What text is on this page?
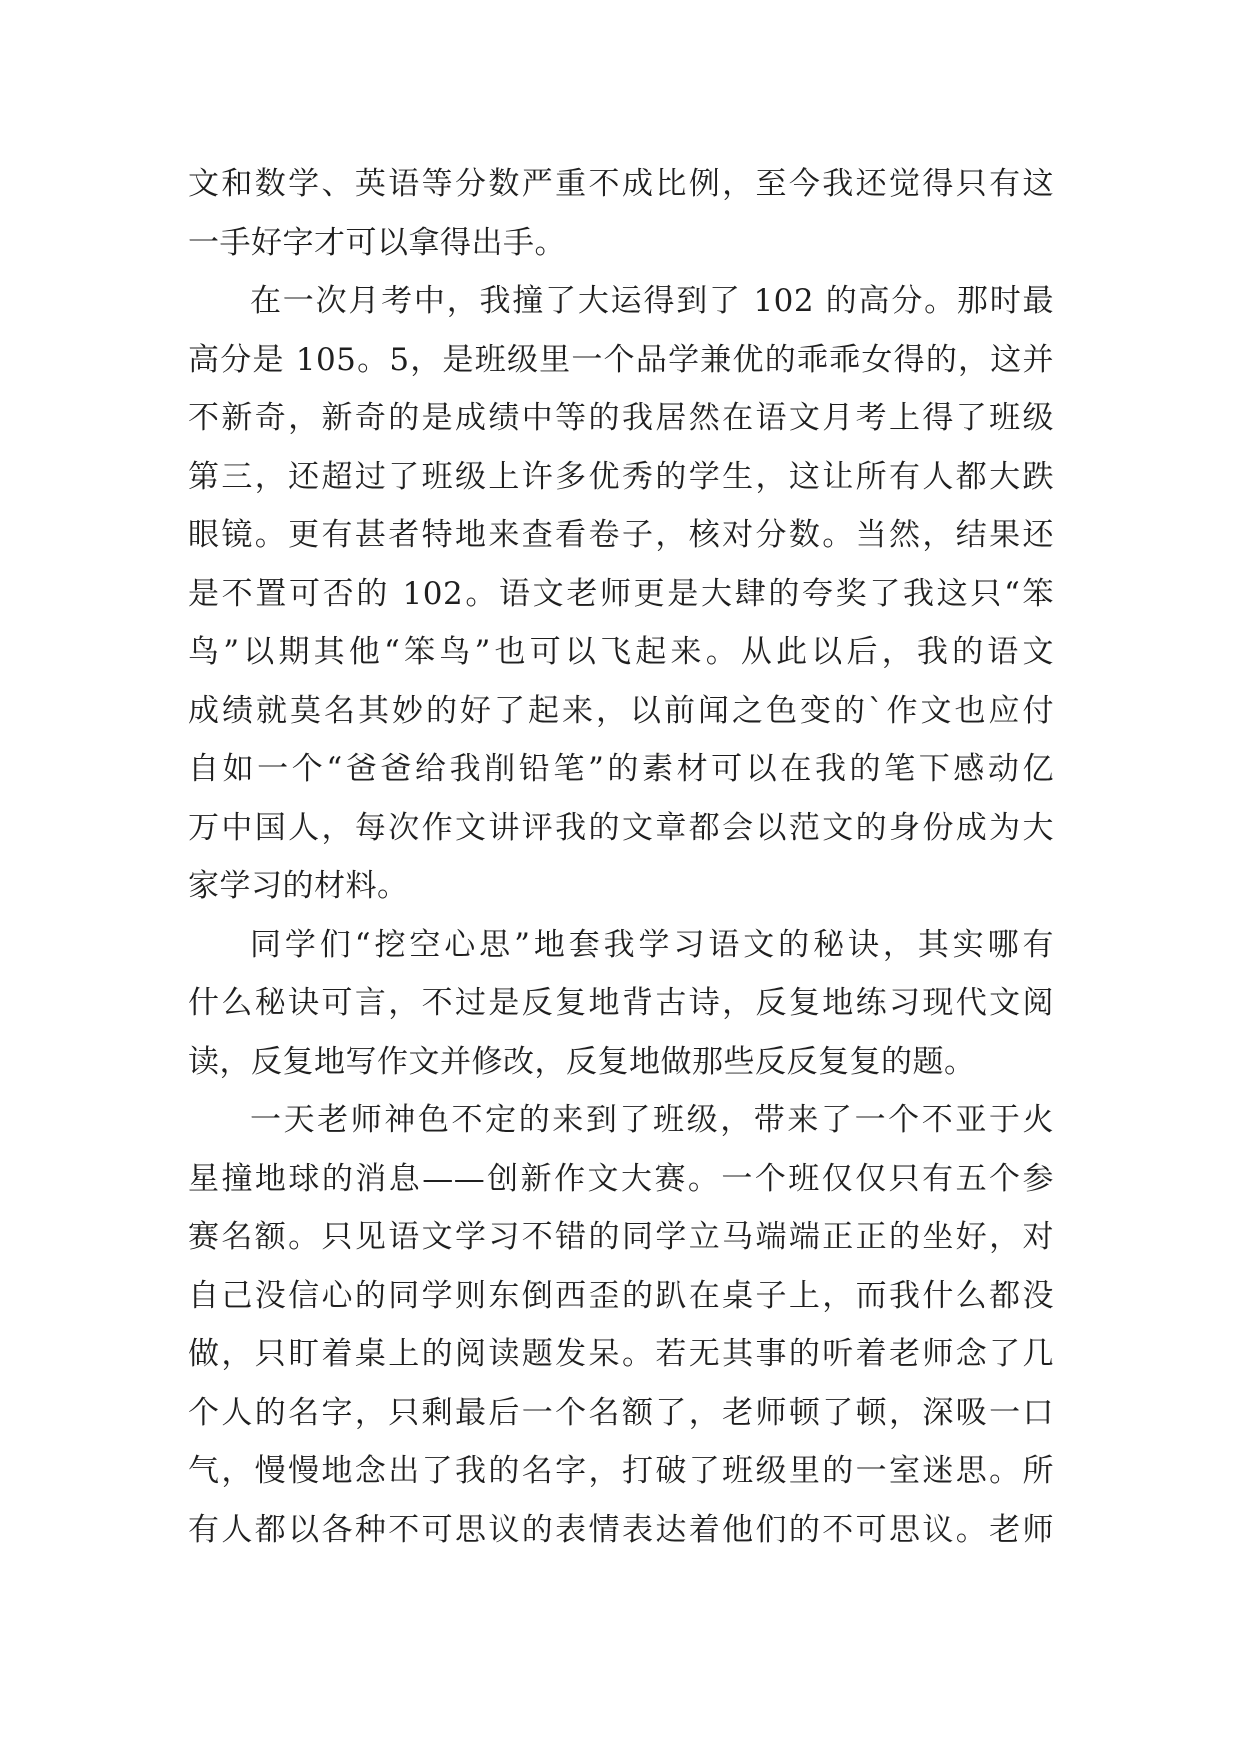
文和数学、英语等分数严重不成比例，至今我还觉得只有这
一手好字才可以拿得出手。

在一次月考中，我撞了大运得到了 102 的高分。那时最
高分是 105。5，是班级里一个品学兼优的乖乖女得的，这并
不新奇，新奇的是成绩中等的我居然在语文月考上得了班级
第三，还超过了班级上许多优秀的学生，这让所有人都大跌
眼镜。更有甚者特地来查看卷子，核对分数。当然，结果还
是不置可否的 102。语文老师更是大肆的夸奖了我这只“笨
鸟”以期其他“笨鸟”也可以飞起来。从此以后，我的语文
成绩就莫名其妙的好了起来，以前闻之色变的`作文也应付
自如一个“爸爸给我削铅笔”的素材可以在我的笔下感动亿
万中国人，每次作文讲评我的文章都会以范文的身份成为大
家学习的材料。

同学们“挖空心思”地套我学习语文的秘诀，其实哪有
什么秘诀可言，不过是反复地背古诗，反复地练习现代文阅
读，反复地写作文并修改，反复地做那些反反复复的题。

一天老师神色不定的来到了班级，带来了一个不亚于火
星撞地球的消息——创新作文大赛。一个班仅仅只有五个参
赛名额。只见语文学习不错的同学立马端端正正的坐好，对
自己没信心的同学则东倒西歪的趴在桌子上，而我什么都没
做，只盯着桌上的阅读题发呆。若无其事的听着老师念了几
个人的名字，只剩最后一个名额了，老师顿了顿，深吸一口
气，慢慢地念出了我的名字，打破了班级里的一室迷思。所
有人都以各种不可思议的表情表达着他们的不可思议。老师
